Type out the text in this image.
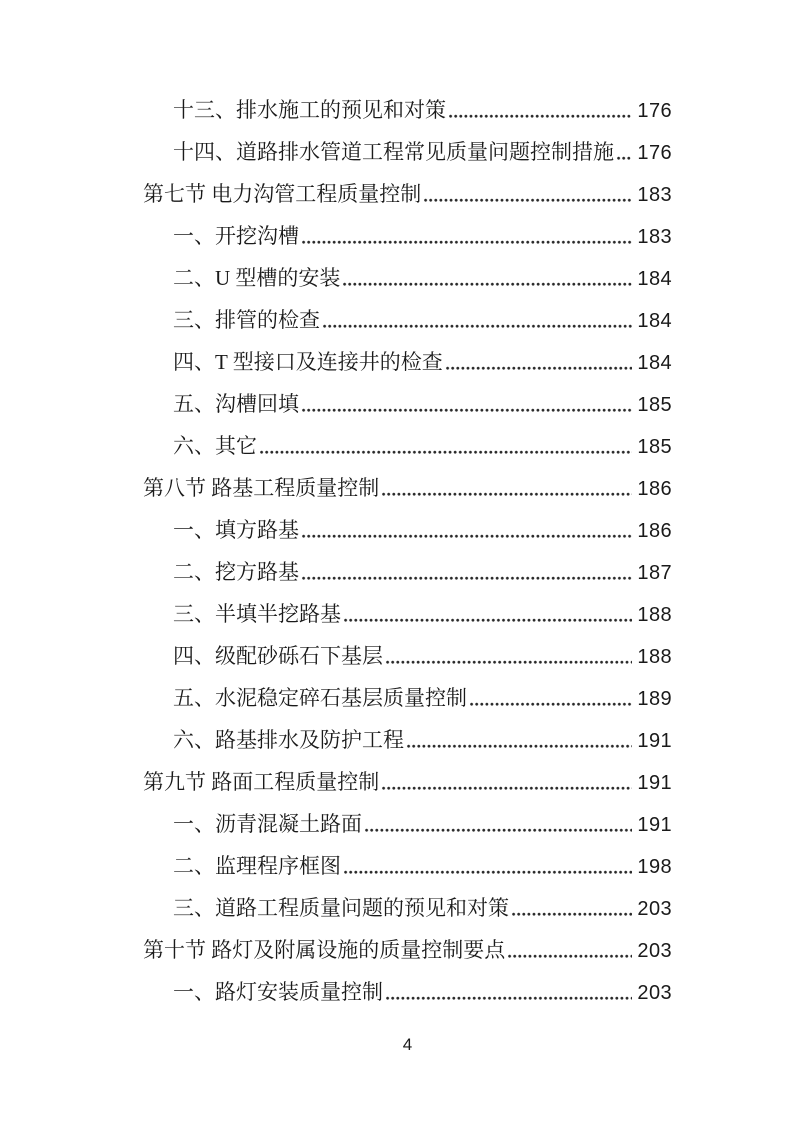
十三、排水施工的预见和对策	176
十四、道路排水管道工程常见质量问题控制措施 176
第七节 电力沟管工程质量控制	183
一、开挖沟槽	183
二、U 型槽的安装	184
三、排管的检查	184
四、T 型接口及连接井的检查	184
五、沟槽回填	185
六、其它	185
第八节 路基工程质量控制	186
一、填方路基	186
二、挖方路基	187
三、半填半挖路基	188
四、级配砂砾石下基层	188
五、水泥稳定碎石基层质量控制	189
六、路基排水及防护工程	191
第九节 路面工程质量控制	191
一、沥青混凝土路面	191
二、监理程序框图	198
三、道路工程质量问题的预见和对策	203
第十节 路灯及附属设施的质量控制要点	203
一、路灯安装质量控制	203
4
